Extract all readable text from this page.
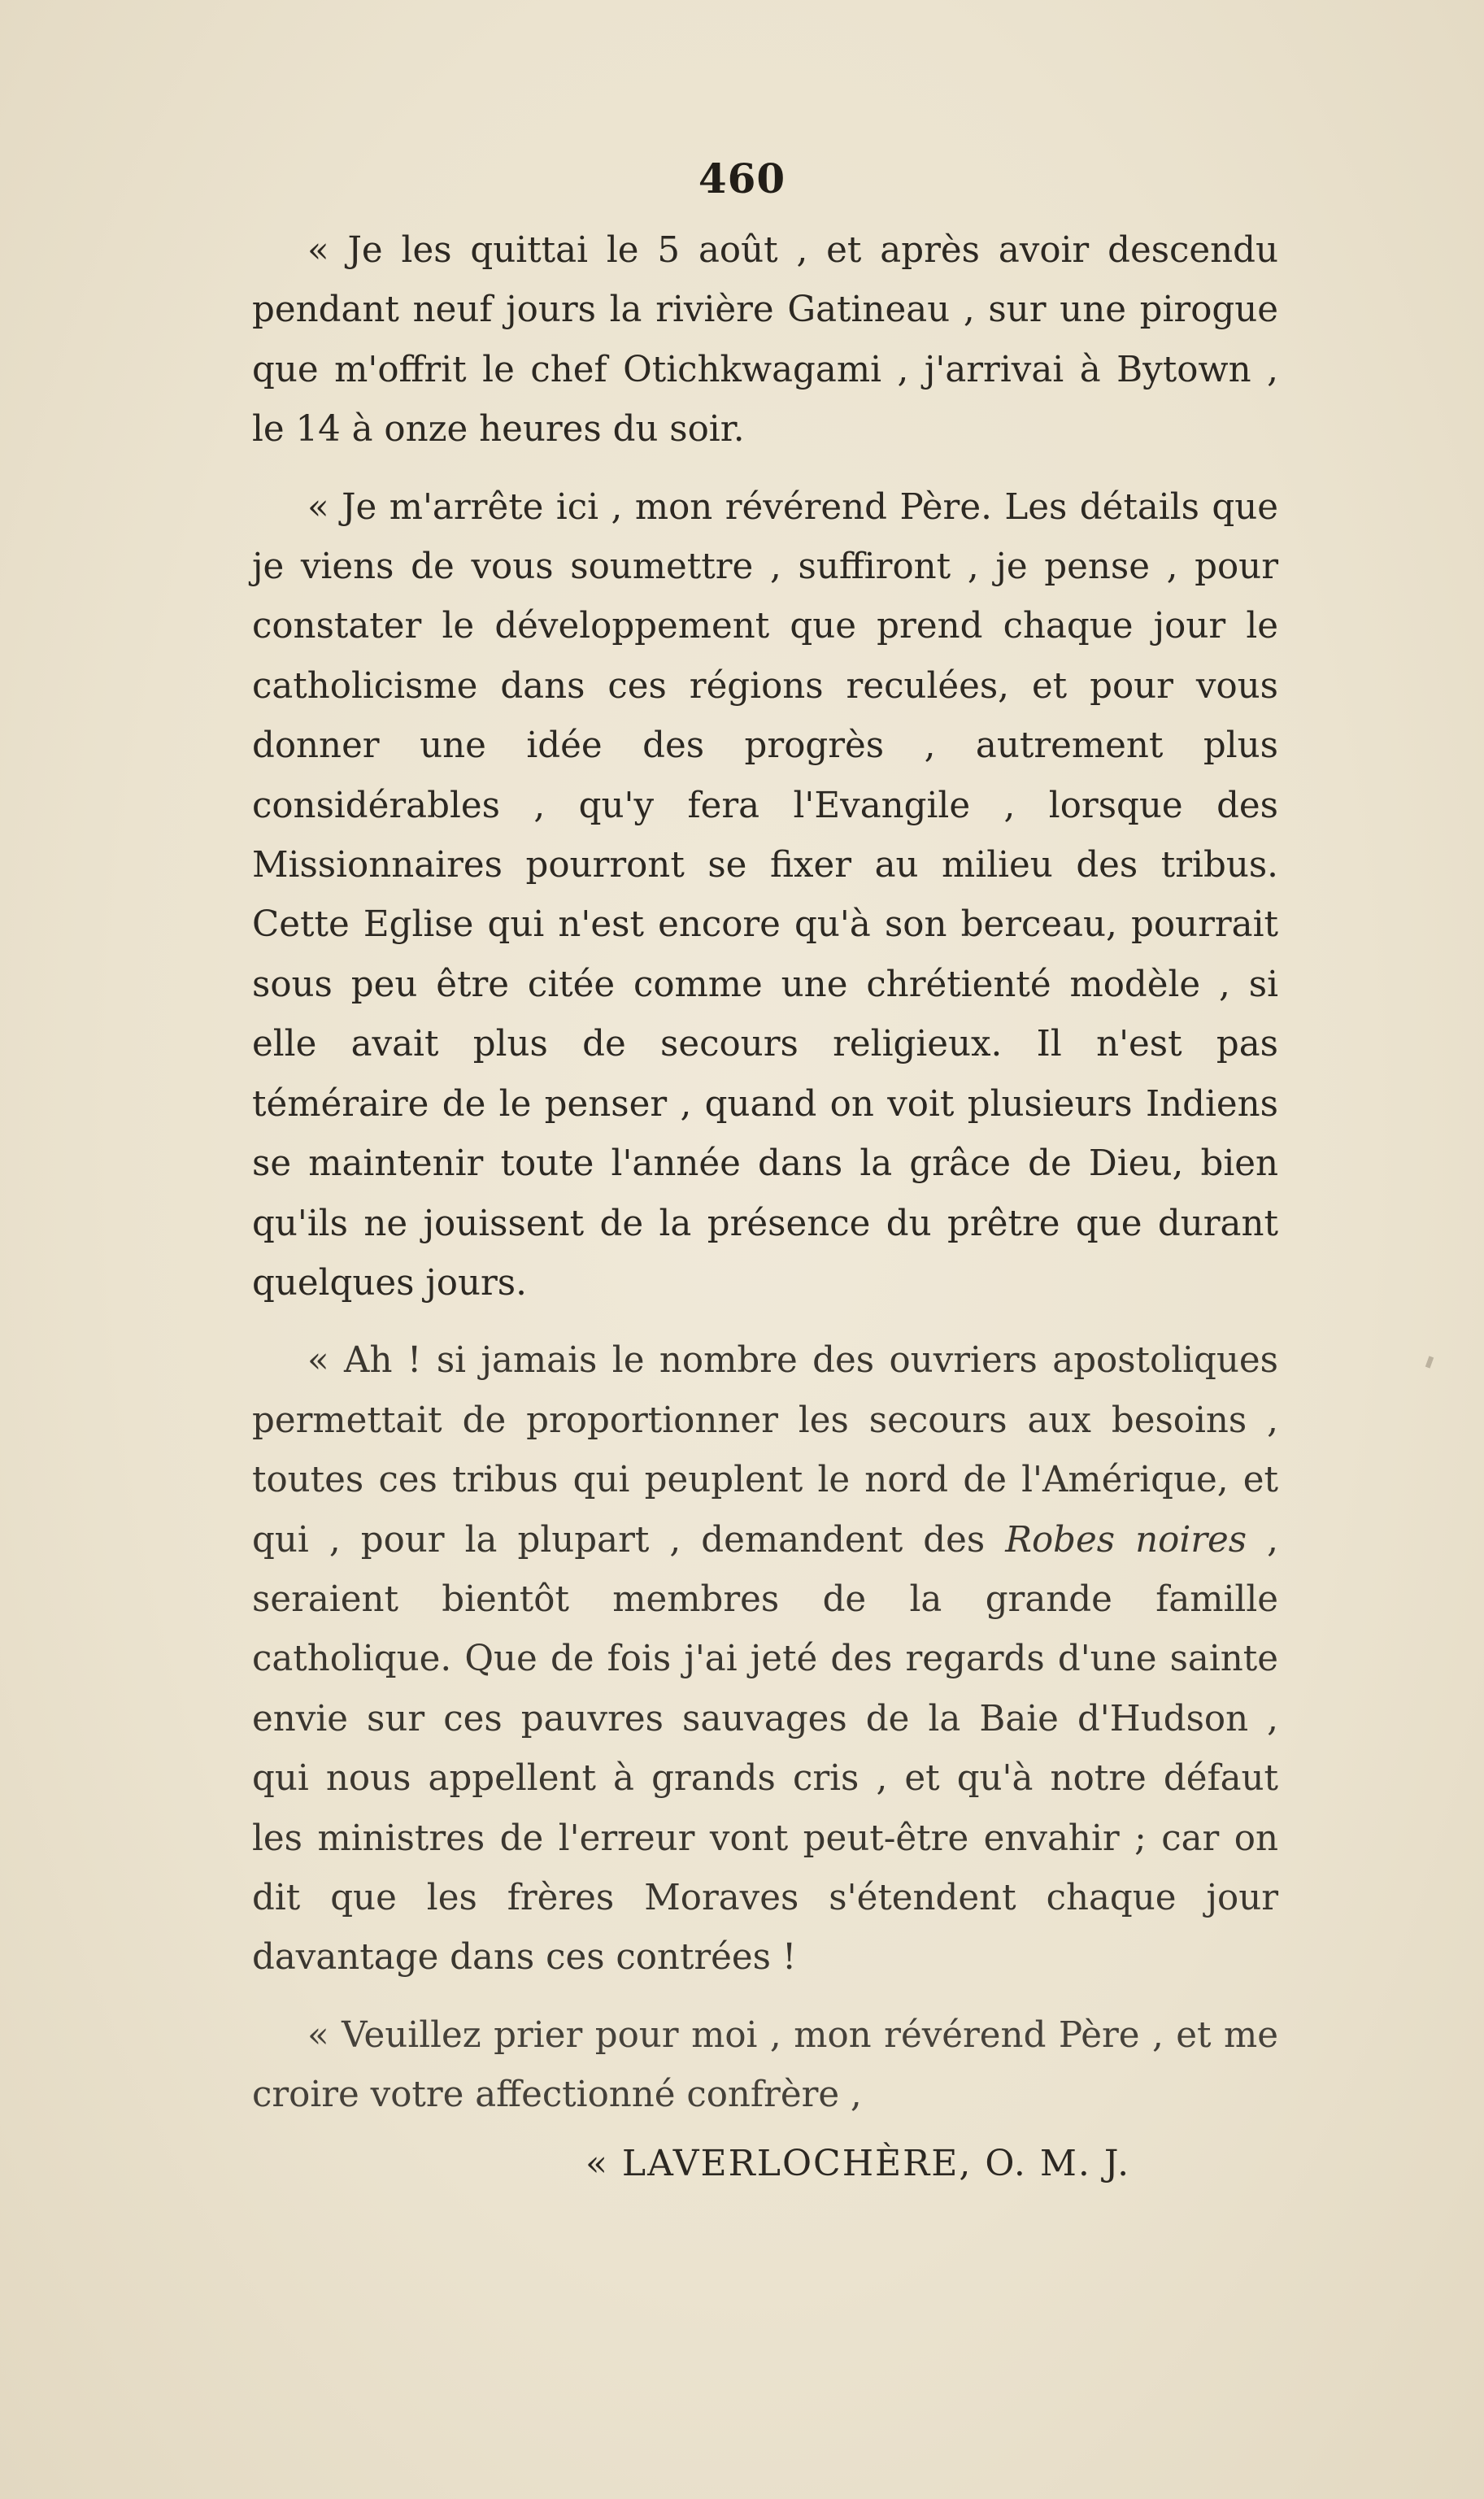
460

« Je les quittai le 5 août , et après avoir descendu pendant neuf jours la rivière Gatineau , sur une pirogue que m'offrit le chef Otichkwagami , j'arrivai à Bytown , le 14 à onze heures du soir.

« Je m'arrête ici , mon révérend Père. Les détails que je viens de vous soumettre , suffiront , je pense , pour constater le développement que prend chaque jour le catholicisme dans ces régions reculées, et pour vous donner une idée des progrès , autrement plus considérables , qu'y fera l'Evangile , lorsque des Missionnaires pourront se fixer au milieu des tribus. Cette Eglise qui n'est encore qu'à son berceau, pourrait sous peu être citée comme une chrétienté modèle , si elle avait plus de secours religieux. Il n'est pas téméraire de le penser , quand on voit plusieurs Indiens se maintenir toute l'année dans la grâce de Dieu, bien qu'ils ne jouissent de la présence du prêtre que durant quelques jours.

« Ah ! si jamais le nombre des ouvriers apostoliques permettait de proportionner les secours aux besoins , toutes ces tribus qui peuplent le nord de l'Amérique, et qui , pour la plupart , demandent des Robes noires , seraient bientôt membres de la grande famille catholique. Que de fois j'ai jeté des regards d'une sainte envie sur ces pauvres sauvages de la Baie d'Hudson , qui nous appellent à grands cris , et qu'à notre défaut les ministres de l'erreur vont peut-être envahir ; car on dit que les frères Moraves s'étendent chaque jour davantage dans ces contrées !

« Veuillez prier pour moi , mon révérend Père , et me croire votre affectionné confrère ,

« LAVERLOCHÈRE, O. M. J.
